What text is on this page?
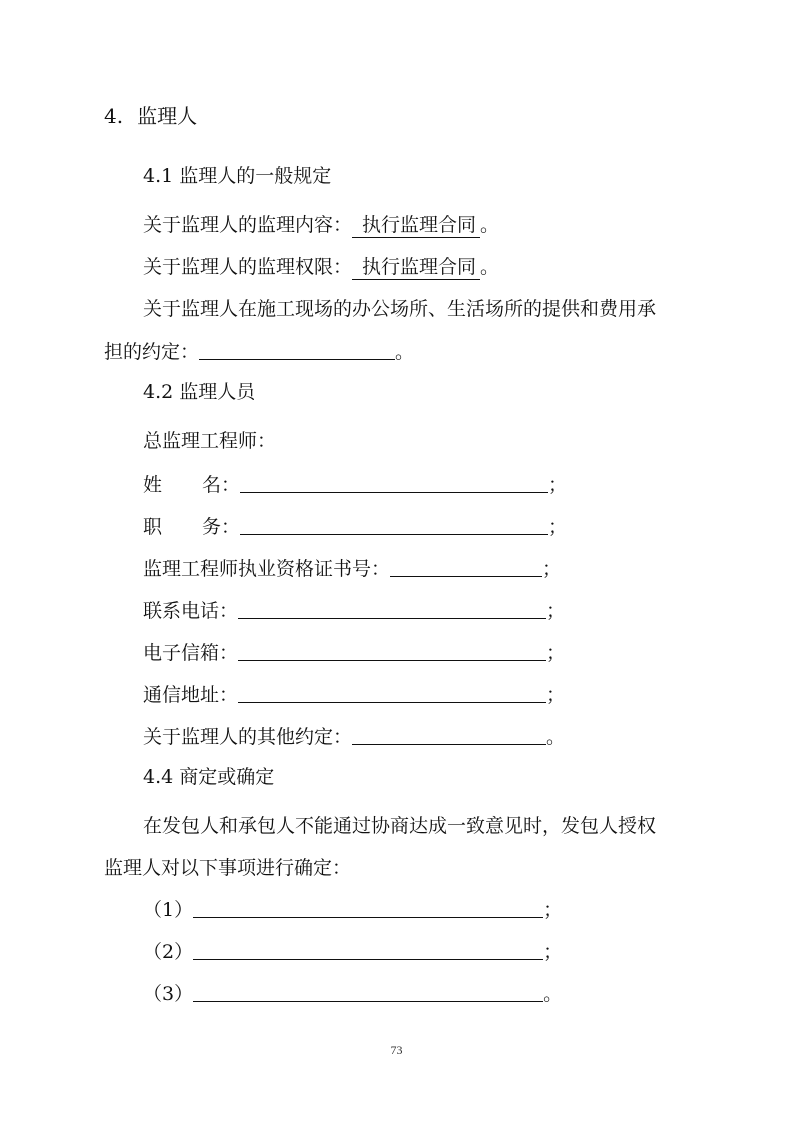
4. 监理人
4.1 监理人的一般规定
关于监理人的监理内容： 执行监理合同 。
关于监理人的监理权限： 执行监理合同 。
关于监理人在施工现场的办公场所、生活场所的提供和费用承
担的约定：	。
4.2 监理人员
总监理工程师：
姓 名：	；
职 务：	；
监理工程师执业资格证书号：	；
联系电话：	；
电子信箱：	；
通信地址：	；
关于监理人的其他约定：	。
4.4 商定或确定
在发包人和承包人不能通过协商达成一致意见时，发包人授权
监理人对以下事项进行确定：
（1）	；
（2）	；
（3）	。
73
